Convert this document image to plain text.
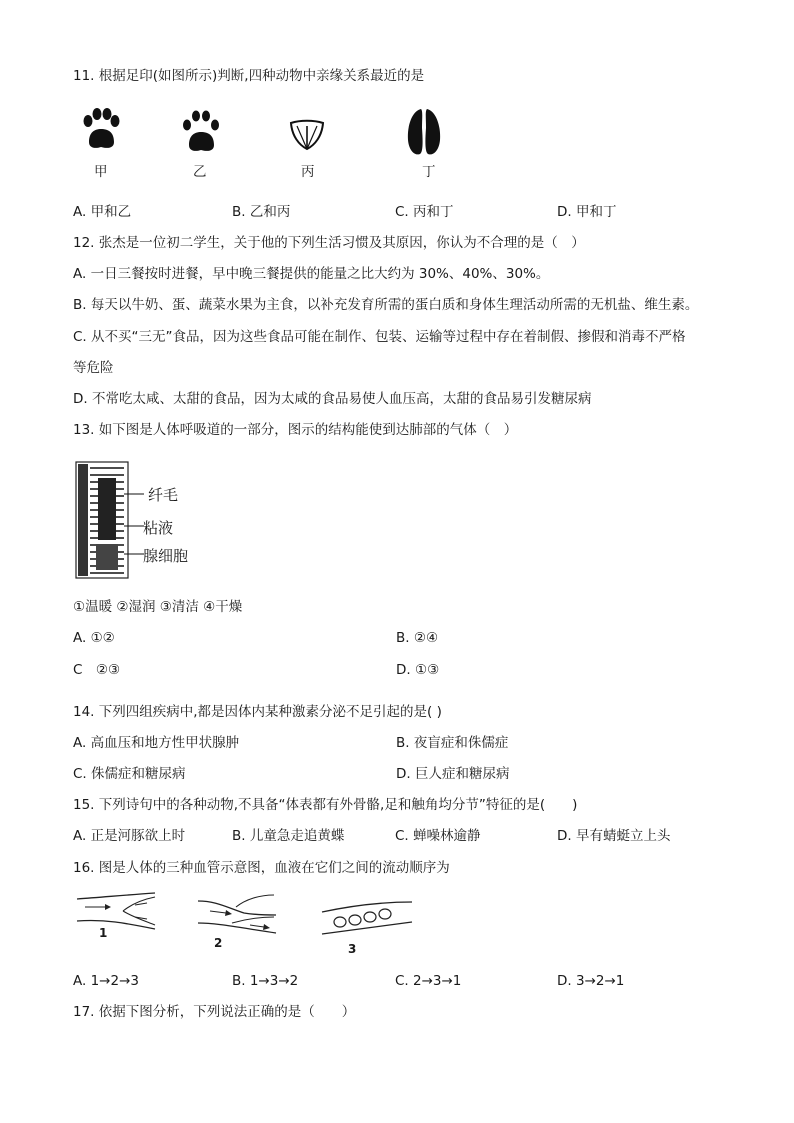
11. 根据足印(如图所示)判断,四种动物中亲缘关系最近的是
甲	乙	丙	丁
A. 甲和乙	B. 乙和丙	C. 丙和丁	D. 甲和丁
12. 张杰是一位初二学生，关于他的下列生活习惯及其原因，你认为不合理的是（　）
A. 一日三餐按时进餐，早中晚三餐提供的能量之比大约为 30%、40%、30%。
B. 每天以牛奶、蛋、蔬菜水果为主食，以补充发育所需的蛋白质和身体生理活动所需的无机盐、维生素。
C. 从不买“三无”食品，因为这些食品可能在制作、包装、运输等过程中存在着制假、掺假和消毒不严格
等危险
D. 不常吃太咸、太甜的食品，因为太咸的食品易使人血压高，太甜的食品易引发糖尿病
13. 如下图是人体呼吸道的一部分，图示的结构能使到达肺部的气体（　）
纤毛
粘液
腺细胞
①温暖 ②湿润 ③清洁 ④干燥
A. ①②	B. ②④
C　②③	D. ①③
14. 下列四组疾病中,都是因体内某种激素分泌不足引起的是( )
A. 高血压和地方性甲状腺肿	B. 夜盲症和侏儒症
C. 侏儒症和糖尿病	D. 巨人症和糖尿病
15. 下列诗句中的各种动物,不具备“体表都有外骨骼,足和触角均分节”特征的是(　　)
A. 正是河豚欲上时	B. 儿童急走追黄蝶	C. 蝉噪林逾静	D. 早有蜻蜓立上头
16. 图是人体的三种血管示意图，血液在它们之间的流动顺序为
1
2	3
A. 1→2→3	B. 1→3→2	C. 2→3→1	D. 3→2→1
17. 依据下图分析，下列说法正确的是（　　）
